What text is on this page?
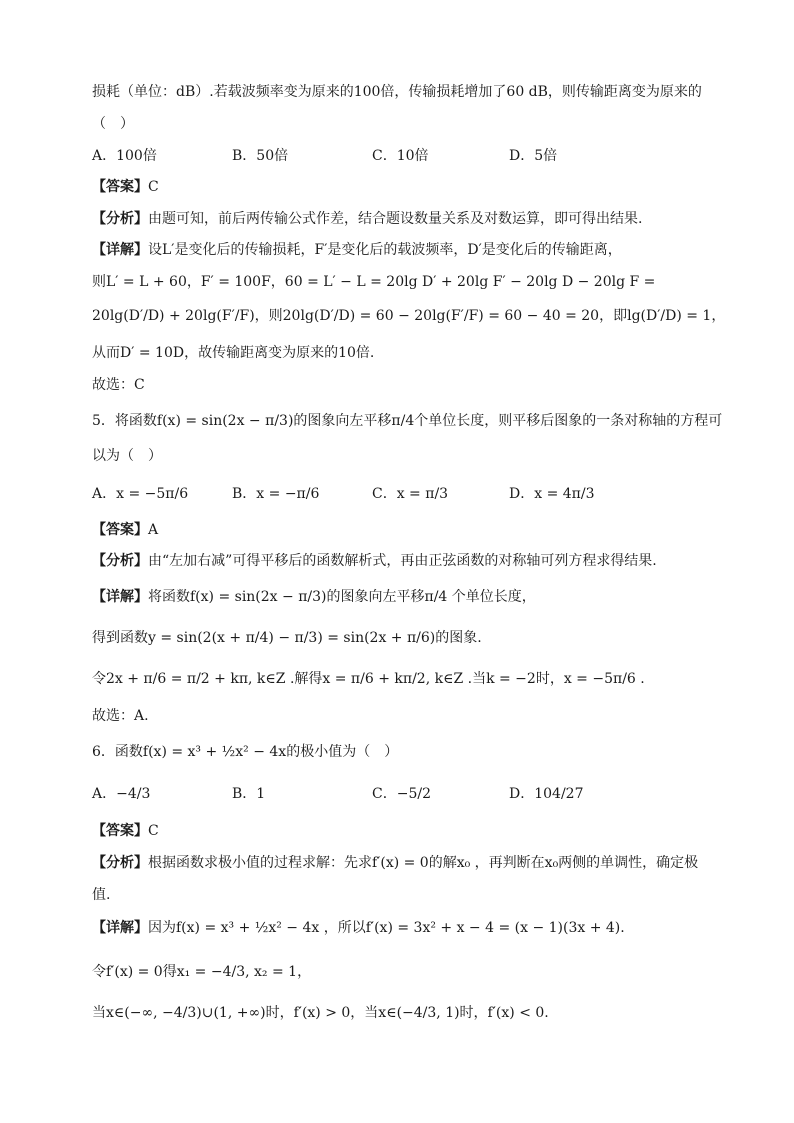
损耗（单位：dB）.若载波频率变为原来的100倍，传输损耗增加了60 dB，则传输距离变为原来的
（　）
A．100倍	B．50倍	C．10倍	D．5倍
【答案】C
【分析】由题可知，前后两传输公式作差，结合题设数量关系及对数运算，即可得出结果.
【详解】设L′是变化后的传输损耗，F′是变化后的载波频率，D′是变化后的传输距离，
则L′ = L + 60，F′ = 100F，60 = L′ − L = 20lg D′ + 20lg F′ − 20lg D − 20lg F =
20lg(D′/D) + 20lg(F′/F)，则20lg(D′/D) = 60 − 20lg(F′/F) = 60 − 40 = 20，即lg(D′/D) = 1，
从而D′ = 10D，故传输距离变为原来的10倍.
故选：C
5．将函数f(x) = sin(2x − π/3)的图象向左平移π/4个单位长度，则平移后图象的一条对称轴的方程可
以为（　）
A．x = −5π/6	B．x = −π/6	C．x = π/3	D．x = 4π/3
【答案】A
【分析】由“左加右减”可得平移后的函数解析式，再由正弦函数的对称轴可列方程求得结果.
【详解】将函数f(x) = sin(2x − π/3)的图象向左平移π/4 个单位长度，
得到函数y = sin(2(x + π/4) − π/3) = sin(2x + π/6)的图象.
令2x + π/6 = π/2 + kπ, k∈Z .解得x = π/6 + kπ/2, k∈Z .当k = −2时，x = −5π/6 .
故选：A.
6．函数f(x) = x³ + ½x² − 4x的极小值为（　）
A．−4/3	B．1	C．−5/2	D．104/27
【答案】C
【分析】根据函数求极小值的过程求解：先求f′(x) = 0的解x₀ ，再判断在x₀两侧的单调性，确定极
值.
【详解】因为f(x) = x³ + ½x² − 4x ，所以f′(x) = 3x² + x − 4 = (x − 1)(3x + 4).
令f′(x) = 0得x₁ = −4/3, x₂ = 1，
当x∈(−∞, −4/3)∪(1, +∞)时，f′(x) > 0，当x∈(−4/3, 1)时，f′(x) < 0.
